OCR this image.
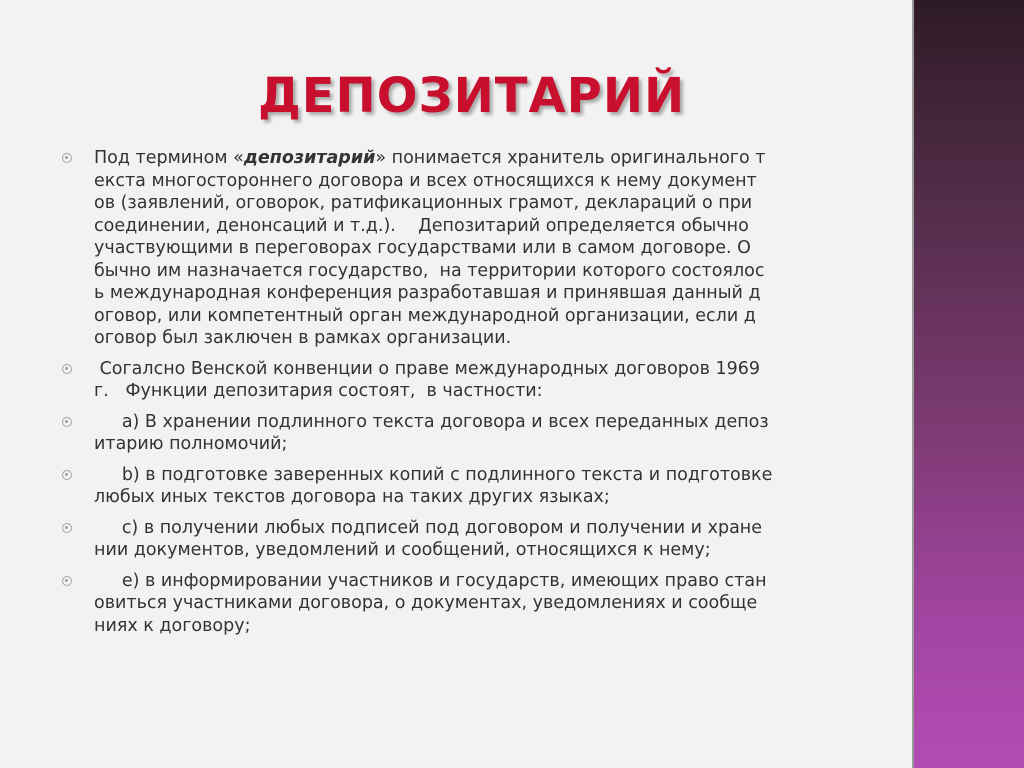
ДЕПОЗИТАРИЙ
Под термином «депозитарий» понимается хранитель оригинального т
екста многостороннего договора и всех относящихся к нему документ
ов (заявлений, оговорок, ратификационных грамот, деклараций о при
соединении, денонсаций и т.д.).    Депозитарий определяется обычно
участвующими в переговорах государствами или в самом договоре. О
бычно им назначается государство,  на территории которого состоялос
ь международная конференция разработавшая и принявшая данный д
оговор, или компетентный орган международной организации, если д
оговор был заключен в рамках организации.
Согалсно Венской конвенции о праве международных договоров 1969
г.   Функции депозитария состоят,  в частности:
а) В хранении подлинного текста договора и всех переданных депоз
итарию полномочий;
b) в подготовке заверенных копий с подлинного текста и подготовке
любых иных текстов договора на таких других языках;
c) в получении любых подписей под договором и получении и хране
нии документов, уведомлений и сообщений, относящихся к нему;
e) в информировании участников и государств, имеющих право стан
овиться участниками договора, о документах, уведомлениях и сообще
ниях к договору;
